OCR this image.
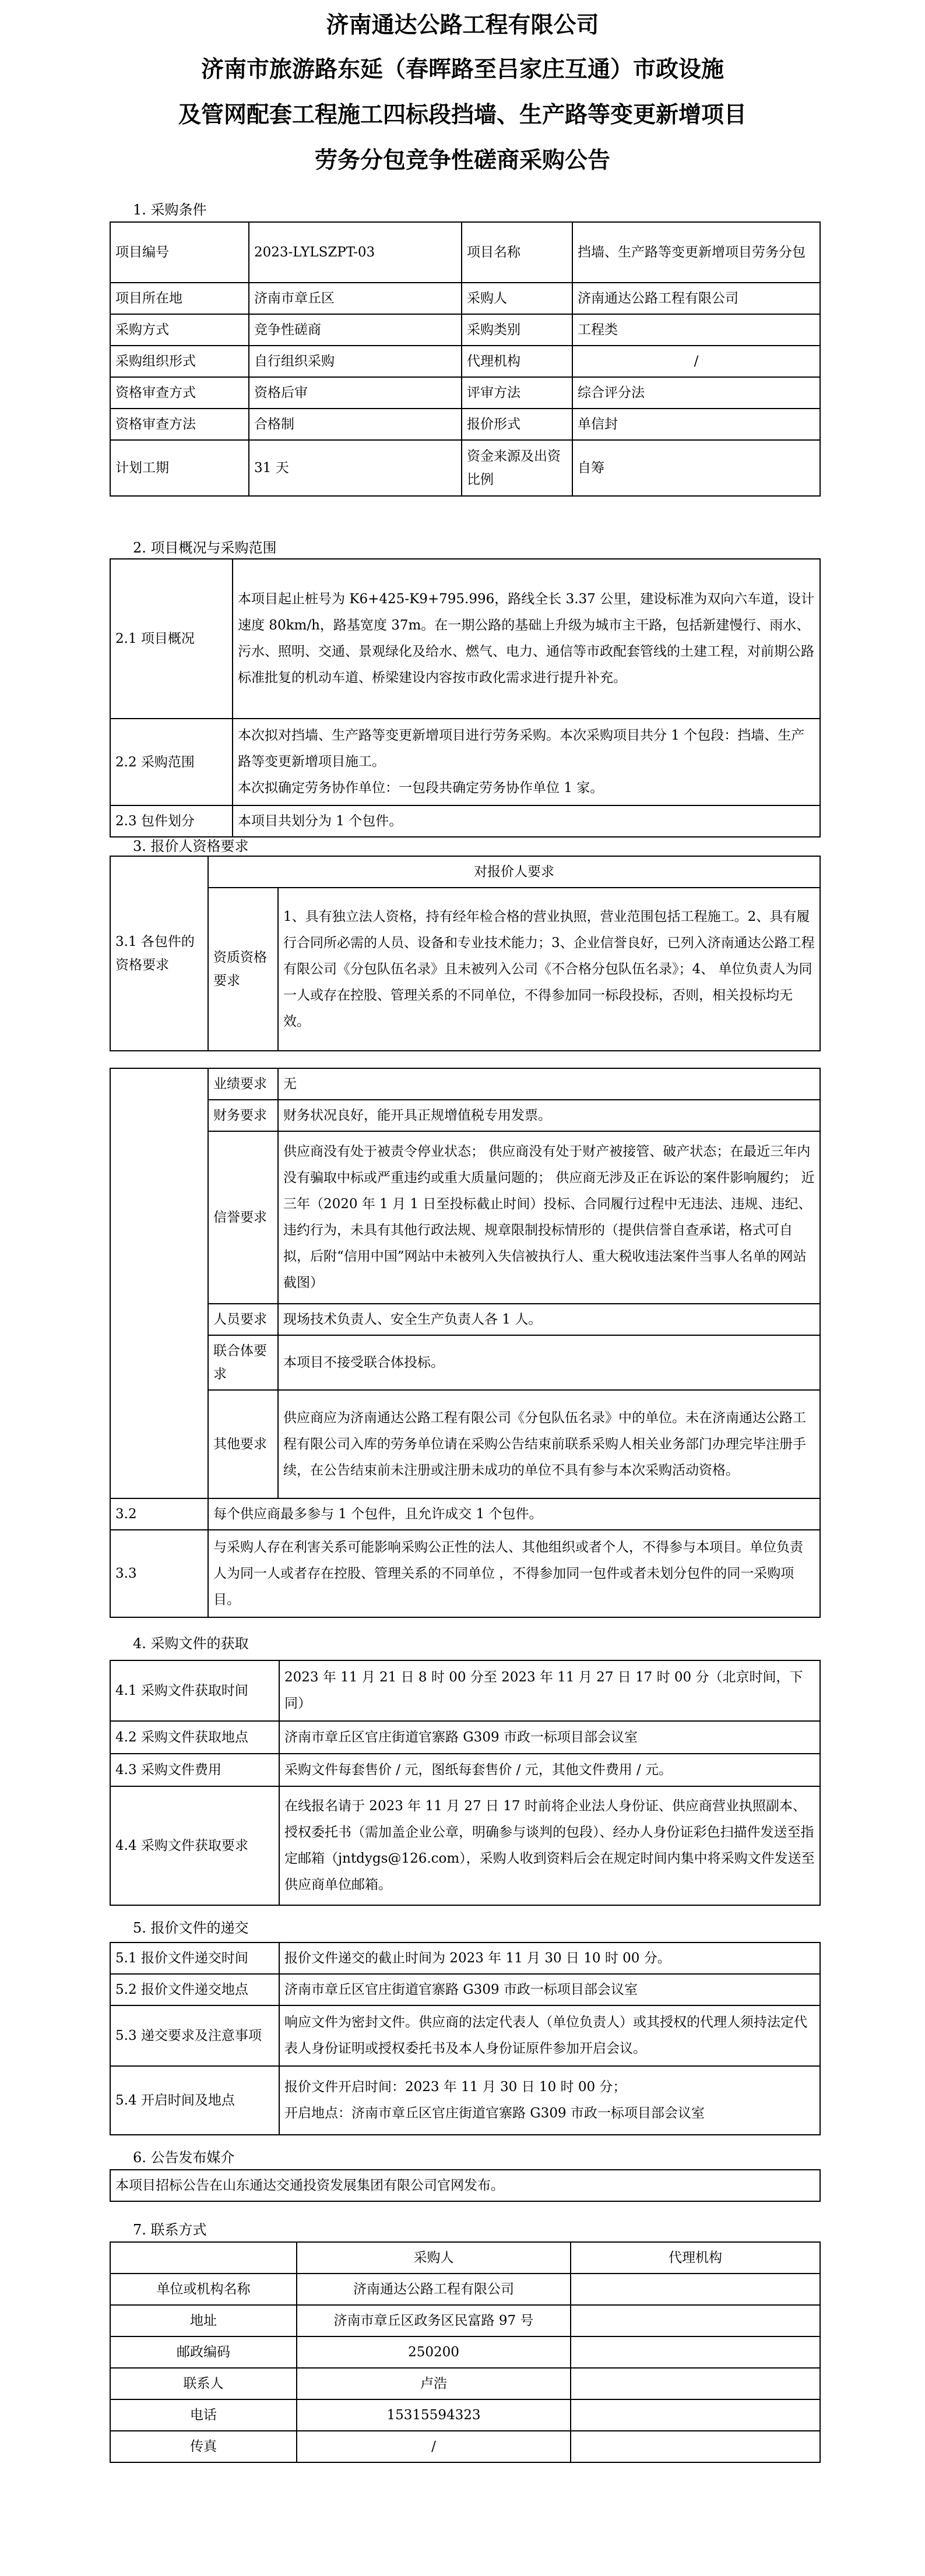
济南通达公路工程有限公司
济南市旅游路东延（春晖路至吕家庄互通）市政设施
及管网配套工程施工四标段挡墙、生产路等变更新增项目
劳务分包竞争性磋商采购公告
1. 采购条件
项目编号	2023-LYLSZPT-03	项目名称	挡墙、生产路等变更新增项目劳务分包
项目所在地	济南市章丘区	采购人	济南通达公路工程有限公司
采购方式	竞争性磋商	采购类别	工程类
采购组织形式	自行组织采购	代理机构	/
资格审查方式	资格后审	评审方法	综合评分法
资格审查方法	合格制	报价形式	单信封
计划工期	31 天	资金来源及出资比例	自筹
2. 项目概况与采购范围
2.1 项目概况	本项目起止桩号为 K6+425-K9+795.996，路线全长 3.37 公里，建设标准为双向六车道，设计速度 80km/h，路基宽度 37m。在一期公路的基础上升级为城市主干路，包括新建慢行、雨水、污水、照明、交通、景观绿化及给水、燃气、电力、通信等市政配套管线的土建工程，对前期公路标准批复的机动车道、桥梁建设内容按市政化需求进行提升补充。
2.2 采购范围	本次拟对挡墙、生产路等变更新增项目进行劳务采购。本次采购项目共分 1 个包段：挡墙、生产路等变更新增项目施工。
本次拟确定劳务协作单位：一包段共确定劳务协作单位 1 家。

2.3 包件划分	本项目共划分为 1 个包件。
3. 报价人资格要求
3.1 各包件的资格要求	对报价人要求	
	资质资格要求	1、具有独立法人资格，持有经年检合格的营业执照，营业范围包括工程施工。2、具有履行合同所必需的人员、设备和专业技术能力；3、企业信誉良好，已列入济南通达公路工程有限公司《分包队伍名录》且未被列入公司《不合格分包队伍名录》；4、 单位负责人为同一人或存在控股、管理关系的不同单位，不得参加同一标段投标，否则，相关投标均无效。
	业绩要求	无
	财务要求	财务状况良好，能开具正规增值税专用发票。
	信誉要求	供应商没有处于被责令停业状态； 供应商没有处于财产被接管、破产状态；在最近三年内没有骗取中标或严重违约或重大质量问题的； 供应商无涉及正在诉讼的案件影响履约； 近三年（2020 年 1 月 1 日至投标截止时间）投标、合同履行过程中无违法、违规、违纪、违约行为，未具有其他行政法规、规章限制投标情形的（提供信誉自查承诺，格式可自拟，后附“信用中国”网站中未被列入失信被执行人、重大税收违法案件当事人名单的网站截图）
	人员要求	现场技术负责人、安全生产负责人各 1 人。
	联合体要求	本项目不接受联合体投标。
	其他要求	供应商应为济南通达公路工程有限公司《分包队伍名录》中的单位。未在济南通达公路工程有限公司入库的劳务单位请在采购公告结束前联系采购人相关业务部门办理完毕注册手续，在公告结束前未注册或注册未成功的单位不具有参与本次采购活动资格。
3.2	每个供应商最多参与 1 个包件，且允许成交 1 个包件。	
3.3	与采购人存在利害关系可能影响采购公正性的法人、其他组织或者个人，不得参与本项目。单位负责人为同一人或者存在控股、管理关系的不同单位 ，不得参加同一包件或者未划分包件的同一采购项目。	
4. 采购文件的获取
4.1 采购文件获取时间	2023 年 11 月 21 日 8 时 00 分至 2023 年 11 月 27 日 17 时 00 分（北京时间，下同）
4.2 采购文件获取地点	济南市章丘区官庄街道官寨路 G309 市政一标项目部会议室
4.3 采购文件费用	采购文件每套售价 / 元，图纸每套售价 / 元，其他文件费用 / 元。
4.4 采购文件获取要求	在线报名请于 2023 年 11 月 27 日 17 时前将企业法人身份证、供应商营业执照副本、授权委托书（需加盖企业公章，明确参与谈判的包段）、经办人身份证彩色扫描件发送至指定邮箱（jntdygs@126.com），采购人收到资料后会在规定时间内集中将采购文件发送至供应商单位邮箱。
5. 报价文件的递交
5.1 报价文件递交时间	报价文件递交的截止时间为 2023 年 11 月 30 日 10 时 00 分。
5.2 报价文件递交地点	济南市章丘区官庄街道官寨路 G309 市政一标项目部会议室
5.3 递交要求及注意事项	响应文件为密封文件。供应商的法定代表人（单位负责人）或其授权的代理人须持法定代表人身份证明或授权委托书及本人身份证原件参加开启会议。
5.4 开启时间及地点	报价文件开启时间：2023 年 11 月 30 日 10 时 00 分；
开启地点：济南市章丘区官庄街道官寨路 G309 市政一标项目部会议室
6. 公告发布媒介
本项目招标公告在山东通达交通投资发展集团有限公司官网发布。
7. 联系方式
	采购人	代理机构
单位或机构名称	济南通达公路工程有限公司	
地址	济南市章丘区政务区民富路 97 号	
邮政编码	250200	
联系人	卢浩	
电话	15315594323	
传真	/	
